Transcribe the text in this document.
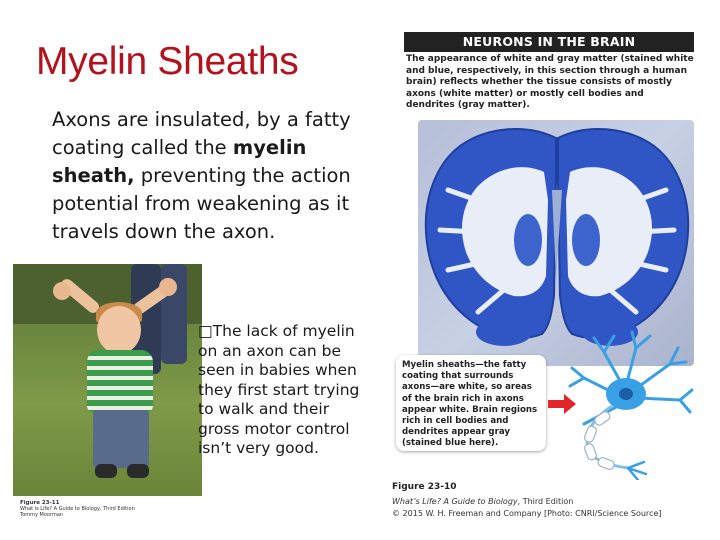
Myelin Sheaths
Axons are insulated, by a fatty coating called the myelin sheath, preventing the action potential from weakening as it travels down the axon.
Figure 23-11
What is Life? A Guide to Biology, Third Edition
Tommy Moorman
□The lack of myelin on an axon can be seen in babies when they first start trying to walk and their gross motor control isn’t very good.
NEURONS IN THE BRAIN
The appearance of white and gray matter (stained white and blue, respectively, in this section through a human brain) reflects whether the tissue consists of mostly axons (white matter) or mostly cell bodies and dendrites (gray matter).
Myelin sheaths—the fatty coating that surrounds axons—are white, so areas of the brain rich in axons appear white. Brain regions rich in cell bodies and dendrites appear gray (stained blue here).
Figure 23-10
What’s Life? A Guide to Biology, Third Edition
© 2015 W. H. Freeman and Company [Photo: CNRI/Science Source]
